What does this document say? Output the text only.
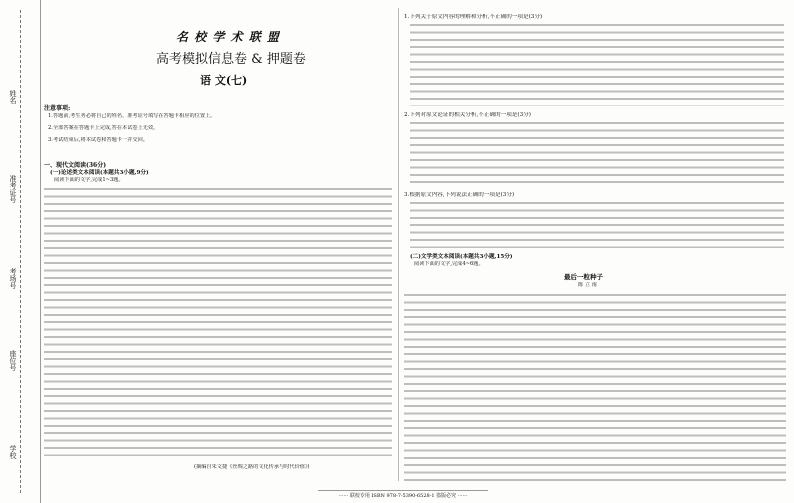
姓名
准考证号
考场号
座位号
学校
名 校 学 术 联 盟
高考模拟信息卷 & 押题卷
语 文(七)
注意事项:
1.答题前,考生务必将自己的姓名、准考证号填写在答题卡相应的位置上。
2.全部答案在答题卡上完成,答在本试卷上无效。
3.考试结束后,将本试卷和答题卡一并交回。
一、现代文阅读(36分)
(一)论述类文本阅读(本题共3小题,9分)
阅读下面的文字,完成1~3题。
(摘编自朱文捷《丝绸之路的文化传承与时代价值》)
1.下列关于原文内容的理解和分析,不正确的一项是(3分)
2.下列对原文论证的相关分析,不正确的一项是(3分)
3.根据原文内容,下列说法正确的一项是(3分)
(二)文学类文本阅读(本题共3小题,15分)
阅读下面的文字,完成4~6题。
最后一粒种子
陈 立 南
······ 联校专用 ISBN 978-7-5390-6528-1 盗版必究 ······
